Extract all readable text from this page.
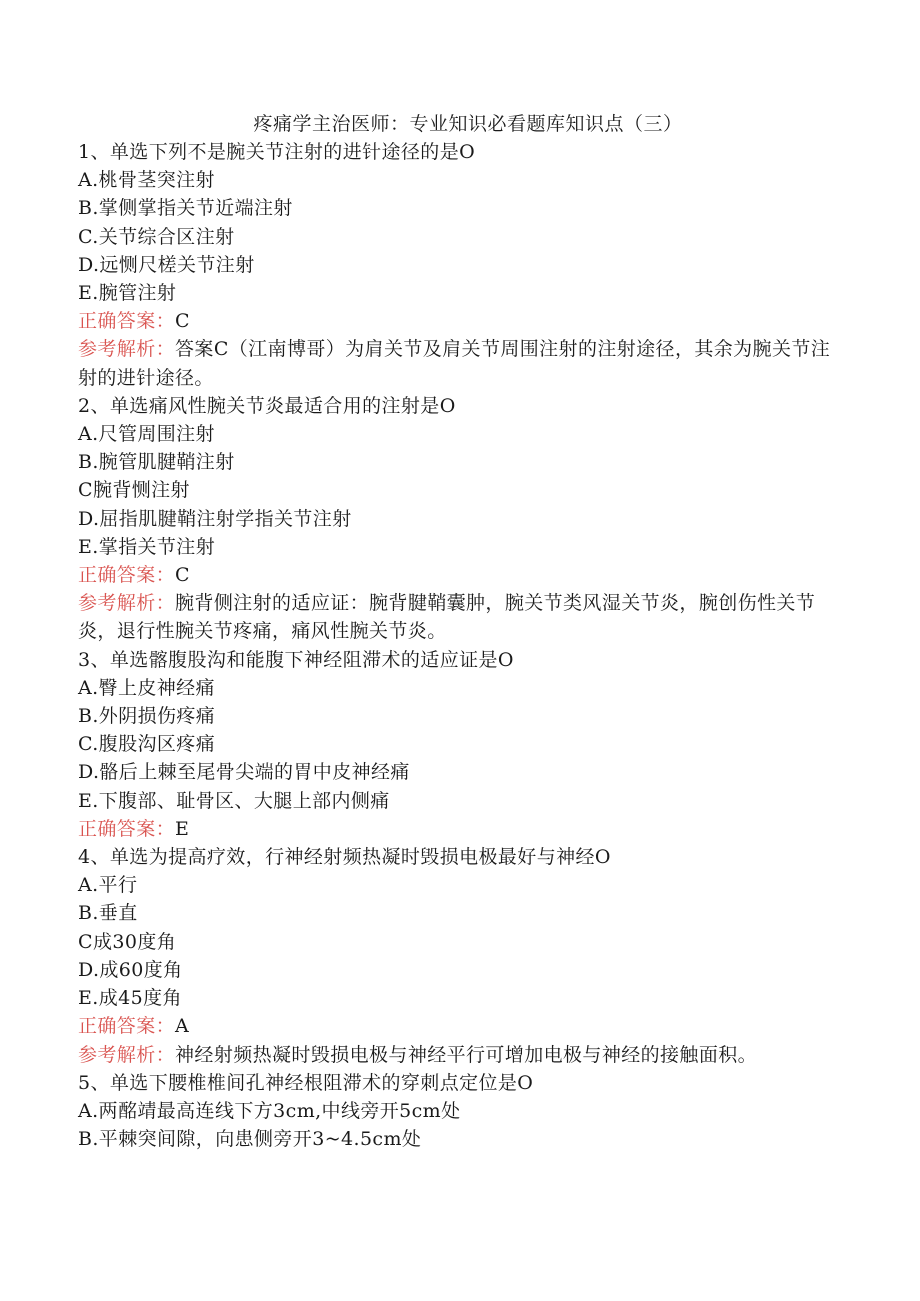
疼痛学主治医师：专业知识必看题库知识点（三）
1、单选下列不是腕关节注射的进针途径的是O
A.桃骨茎突注射
B.掌侧掌指关节近端注射
C.关节综合区注射
D.远恻尺槎关节注射
E.腕管注射
正确答案：C
参考解析：答案C（江南博哥）为肩关节及肩关节周围注射的注射途径，其余为腕关节注射的进针途径。
2、单选痛风性腕关节炎最适合用的注射是O
A.尺管周围注射
B.腕管肌腱鞘注射
C腕背恻注射
D.屈指肌腱鞘注射学指关节注射
E.掌指关节注射
正确答案：C
参考解析：腕背侧注射的适应证：腕背腱鞘囊肿，腕关节类风湿关节炎，腕创伤性关节炎，退行性腕关节疼痛，痛风性腕关节炎。
3、单选髂腹股沟和能腹下神经阻滞术的适应证是O
A.臀上皮神经痛
B.外阴损伤疼痛
C.腹股沟区疼痛
D.骼后上棘至尾骨尖端的胃中皮神经痛
E.下腹部、耻骨区、大腿上部内侧痛
正确答案：E
4、单选为提高疗效，行神经射频热凝时毁损电极最好与神经O
A.平行
B.垂直
C成30度角
D.成60度角
E.成45度角
正确答案：A
参考解析：神经射频热凝时毁损电极与神经平行可增加电极与神经的接触面积。
5、单选下腰椎椎间孔神经根阻滞术的穿刺点定位是O
A.两酩靖最高连线下方3cm,中线旁开5cm处
B.平棘突间隙，向患侧旁开3~4.5cm处
